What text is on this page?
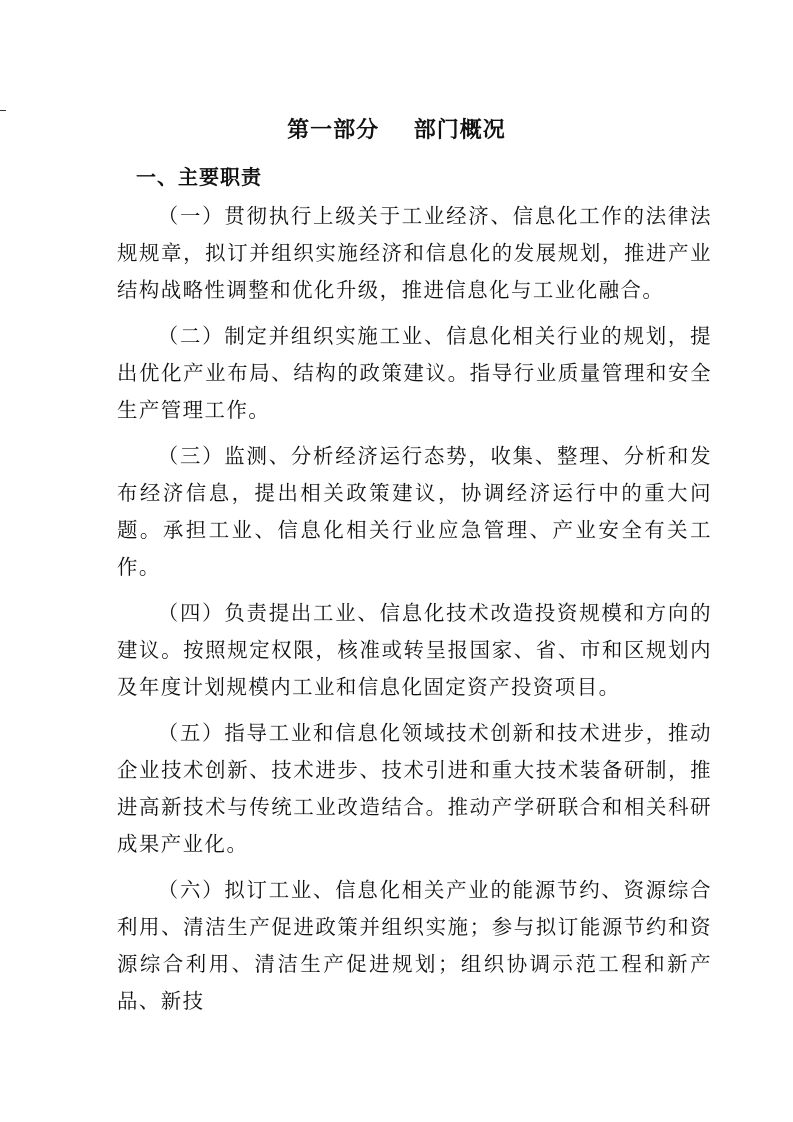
第一部分    部门概况
一、主要职责

（一）贯彻执行上级关于工业经济、信息化工作的法律法规规章，拟订并组织实施经济和信息化的发展规划，推进产业结构战略性调整和优化升级，推进信息化与工业化融合。

（二）制定并组织实施工业、信息化相关行业的规划，提出优化产业布局、结构的政策建议。指导行业质量管理和安全生产管理工作。

（三）监测、分析经济运行态势，收集、整理、分析和发布经济信息，提出相关政策建议，协调经济运行中的重大问题。承担工业、信息化相关行业应急管理、产业安全有关工作。

（四）负责提出工业、信息化技术改造投资规模和方向的建议。按照规定权限，核准或转呈报国家、省、市和区规划内及年度计划规模内工业和信息化固定资产投资项目。

（五）指导工业和信息化领域技术创新和技术进步，推动企业技术创新、技术进步、技术引进和重大技术装备研制，推进高新技术与传统工业改造结合。推动产学研联合和相关科研成果产业化。

（六）拟订工业、信息化相关产业的能源节约、资源综合利用、清洁生产促进政策并组织实施；参与拟订能源节约和资源综合利用、清洁生产促进规划；组织协调示范工程和新产品、新技
